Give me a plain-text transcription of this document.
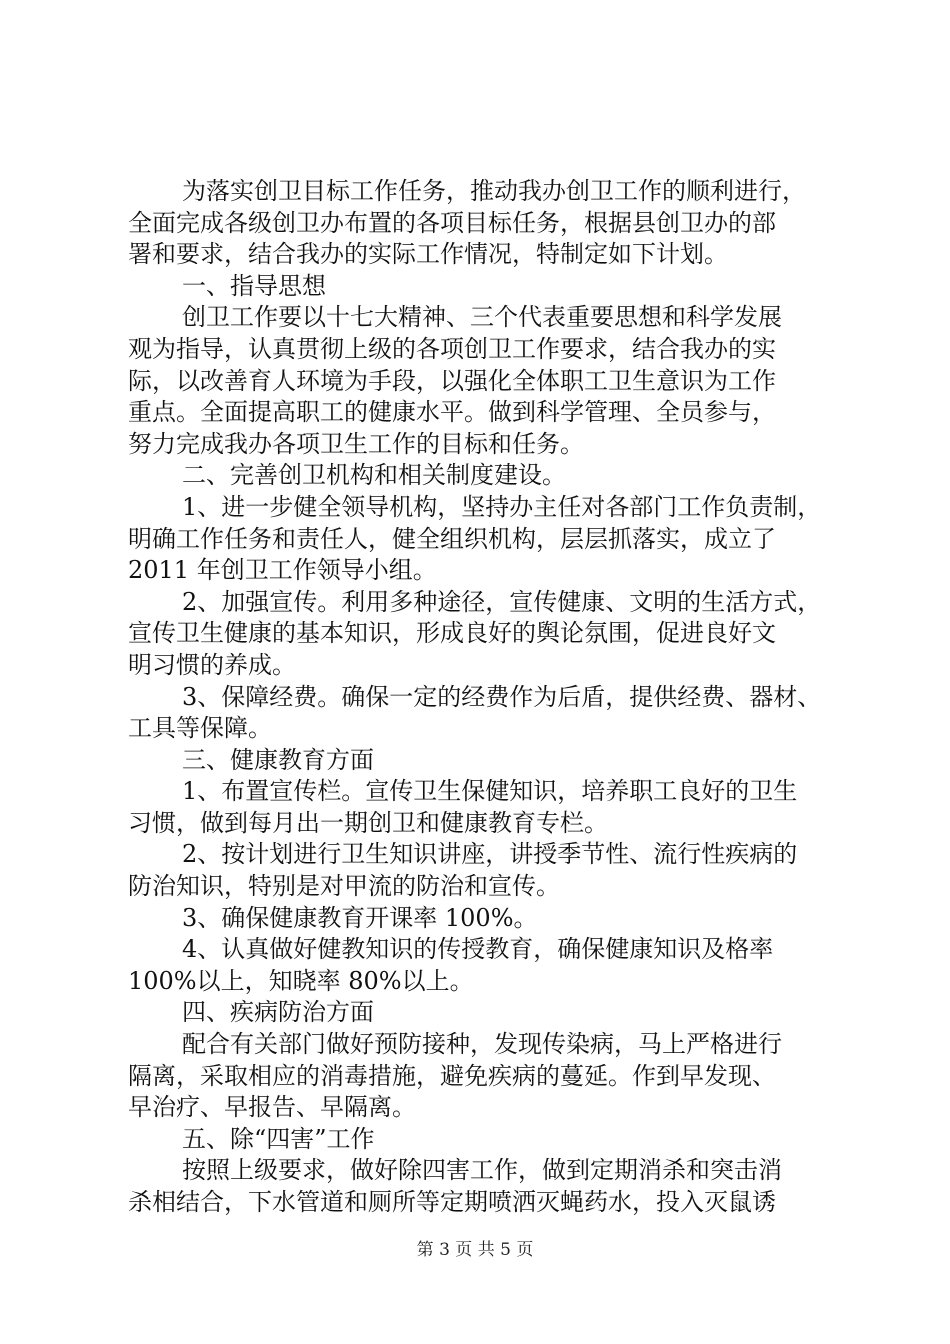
为落实创卫目标工作任务，推动我办创卫工作的顺利进行，
全面完成各级创卫办布置的各项目标任务，根据县创卫办的部
署和要求，结合我办的实际工作情况，特制定如下计划。
一、指导思想
创卫工作要以十七大精神、三个代表重要思想和科学发展
观为指导，认真贯彻上级的各项创卫工作要求，结合我办的实
际，以改善育人环境为手段，以强化全体职工卫生意识为工作
重点。全面提高职工的健康水平。做到科学管理、全员参与，
努力完成我办各项卫生工作的目标和任务。
二、完善创卫机构和相关制度建设。
1、进一步健全领导机构，坚持办主任对各部门工作负责制，
明确工作任务和责任人，健全组织机构，层层抓落实，成立了
2011 年创卫工作领导小组。
2、加强宣传。利用多种途径，宣传健康、文明的生活方式，
宣传卫生健康的基本知识，形成良好的舆论氛围，促进良好文
明习惯的养成。
3、保障经费。确保一定的经费作为后盾，提供经费、器材、
工具等保障。
三、健康教育方面
1、布置宣传栏。宣传卫生保健知识，培养职工良好的卫生
习惯，做到每月出一期创卫和健康教育专栏。
2、按计划进行卫生知识讲座，讲授季节性、流行性疾病的
防治知识，特别是对甲流的防治和宣传。
3、确保健康教育开课率 100%。
4、认真做好健教知识的传授教育，确保健康知识及格率
100%以上，知晓率 80%以上。
四、疾病防治方面
配合有关部门做好预防接种，发现传染病，马上严格进行
隔离，采取相应的消毒措施，避免疾病的蔓延。作到早发现、
早治疗、早报告、早隔离。
五、除“四害”工作
按照上级要求，做好除四害工作，做到定期消杀和突击消
杀相结合，下水管道和厕所等定期喷洒灭蝇药水，投入灭鼠诱
第 3 页 共 5 页
